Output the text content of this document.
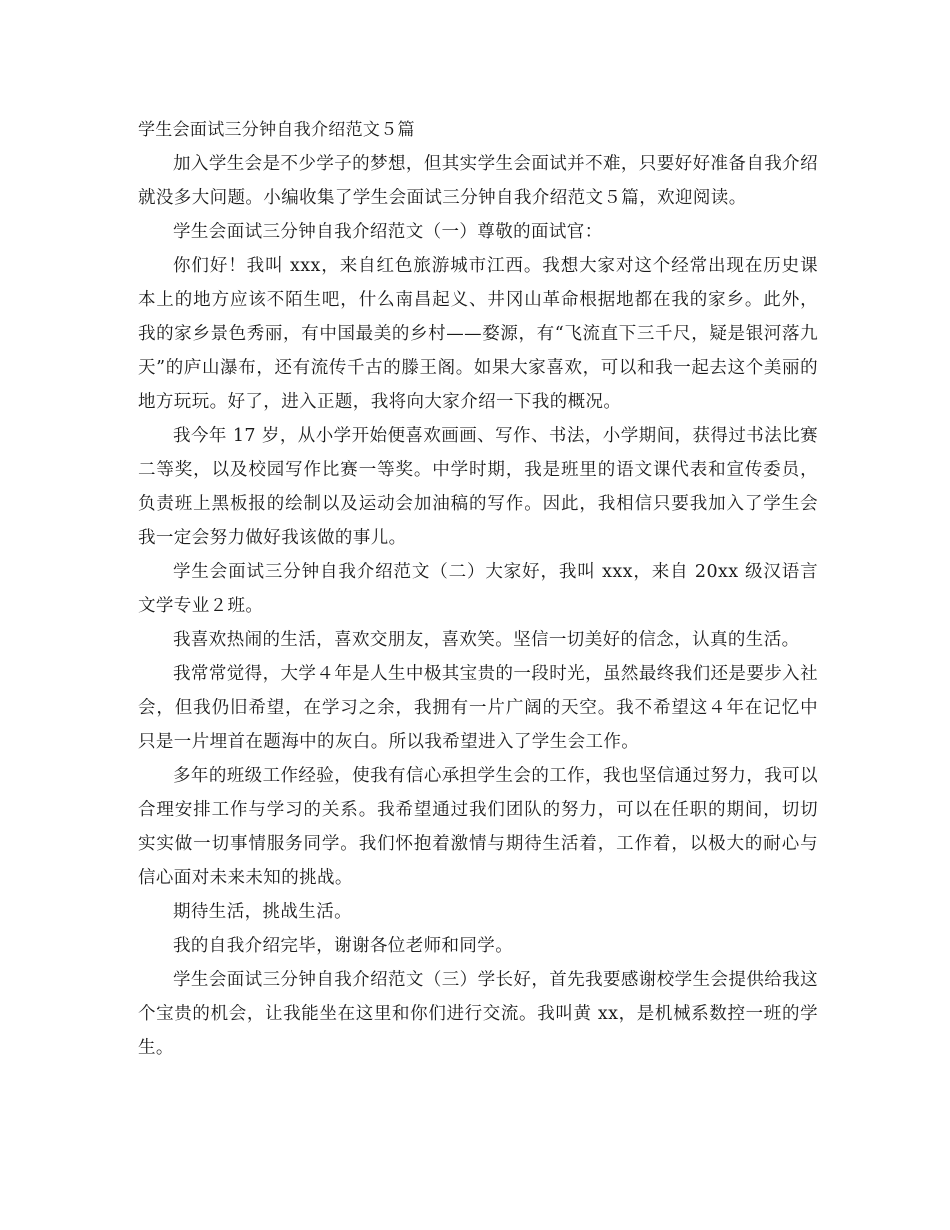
学生会面试三分钟自我介绍范文５篇

加入学生会是不少学子的梦想，但其实学生会面试并不难，只要好好准备自我介绍就没多大问题。小编收集了学生会面试三分钟自我介绍范文５篇，欢迎阅读。

学生会面试三分钟自我介绍范文（一）尊敬的面试官：

你们好！我叫 xxx，来自红色旅游城市江西。我想大家对这个经常出现在历史课本上的地方应该不陌生吧，什么南昌起义、井冈山革命根据地都在我的家乡。此外，我的家乡景色秀丽，有中国最美的乡村——婺源，有“飞流直下三千尺，疑是银河落九天”的庐山瀑布，还有流传千古的滕王阁。如果大家喜欢，可以和我一起去这个美丽的地方玩玩。好了，进入正题，我将向大家介绍一下我的概况。

我今年 17 岁，从小学开始便喜欢画画、写作、书法，小学期间，获得过书法比赛二等奖，以及校园写作比赛一等奖。中学时期，我是班里的语文课代表和宣传委员，负责班上黑板报的绘制以及运动会加油稿的写作。因此，我相信只要我加入了学生会我一定会努力做好我该做的事儿。

学生会面试三分钟自我介绍范文（二）大家好，我叫 xxx，来自 20xx 级汉语言文学专业２班。

我喜欢热闹的生活，喜欢交朋友，喜欢笑。坚信一切美好的信念，认真的生活。

我常常觉得，大学４年是人生中极其宝贵的一段时光，虽然最终我们还是要步入社会，但我仍旧希望，在学习之余，我拥有一片广阔的天空。我不希望这４年在记忆中只是一片埋首在题海中的灰白。所以我希望进入了学生会工作。

多年的班级工作经验，使我有信心承担学生会的工作，我也坚信通过努力，我可以合理安排工作与学习的关系。我希望通过我们团队的努力，可以在任职的期间，切切实实做一切事情服务同学。我们怀抱着激情与期待生活着，工作着，以极大的耐心与信心面对未来未知的挑战。

期待生活，挑战生活。

我的自我介绍完毕，谢谢各位老师和同学。

学生会面试三分钟自我介绍范文（三）学长好，首先我要感谢校学生会提供给我这个宝贵的机会，让我能坐在这里和你们进行交流。我叫黄 xx，是机械系数控一班的学生。
